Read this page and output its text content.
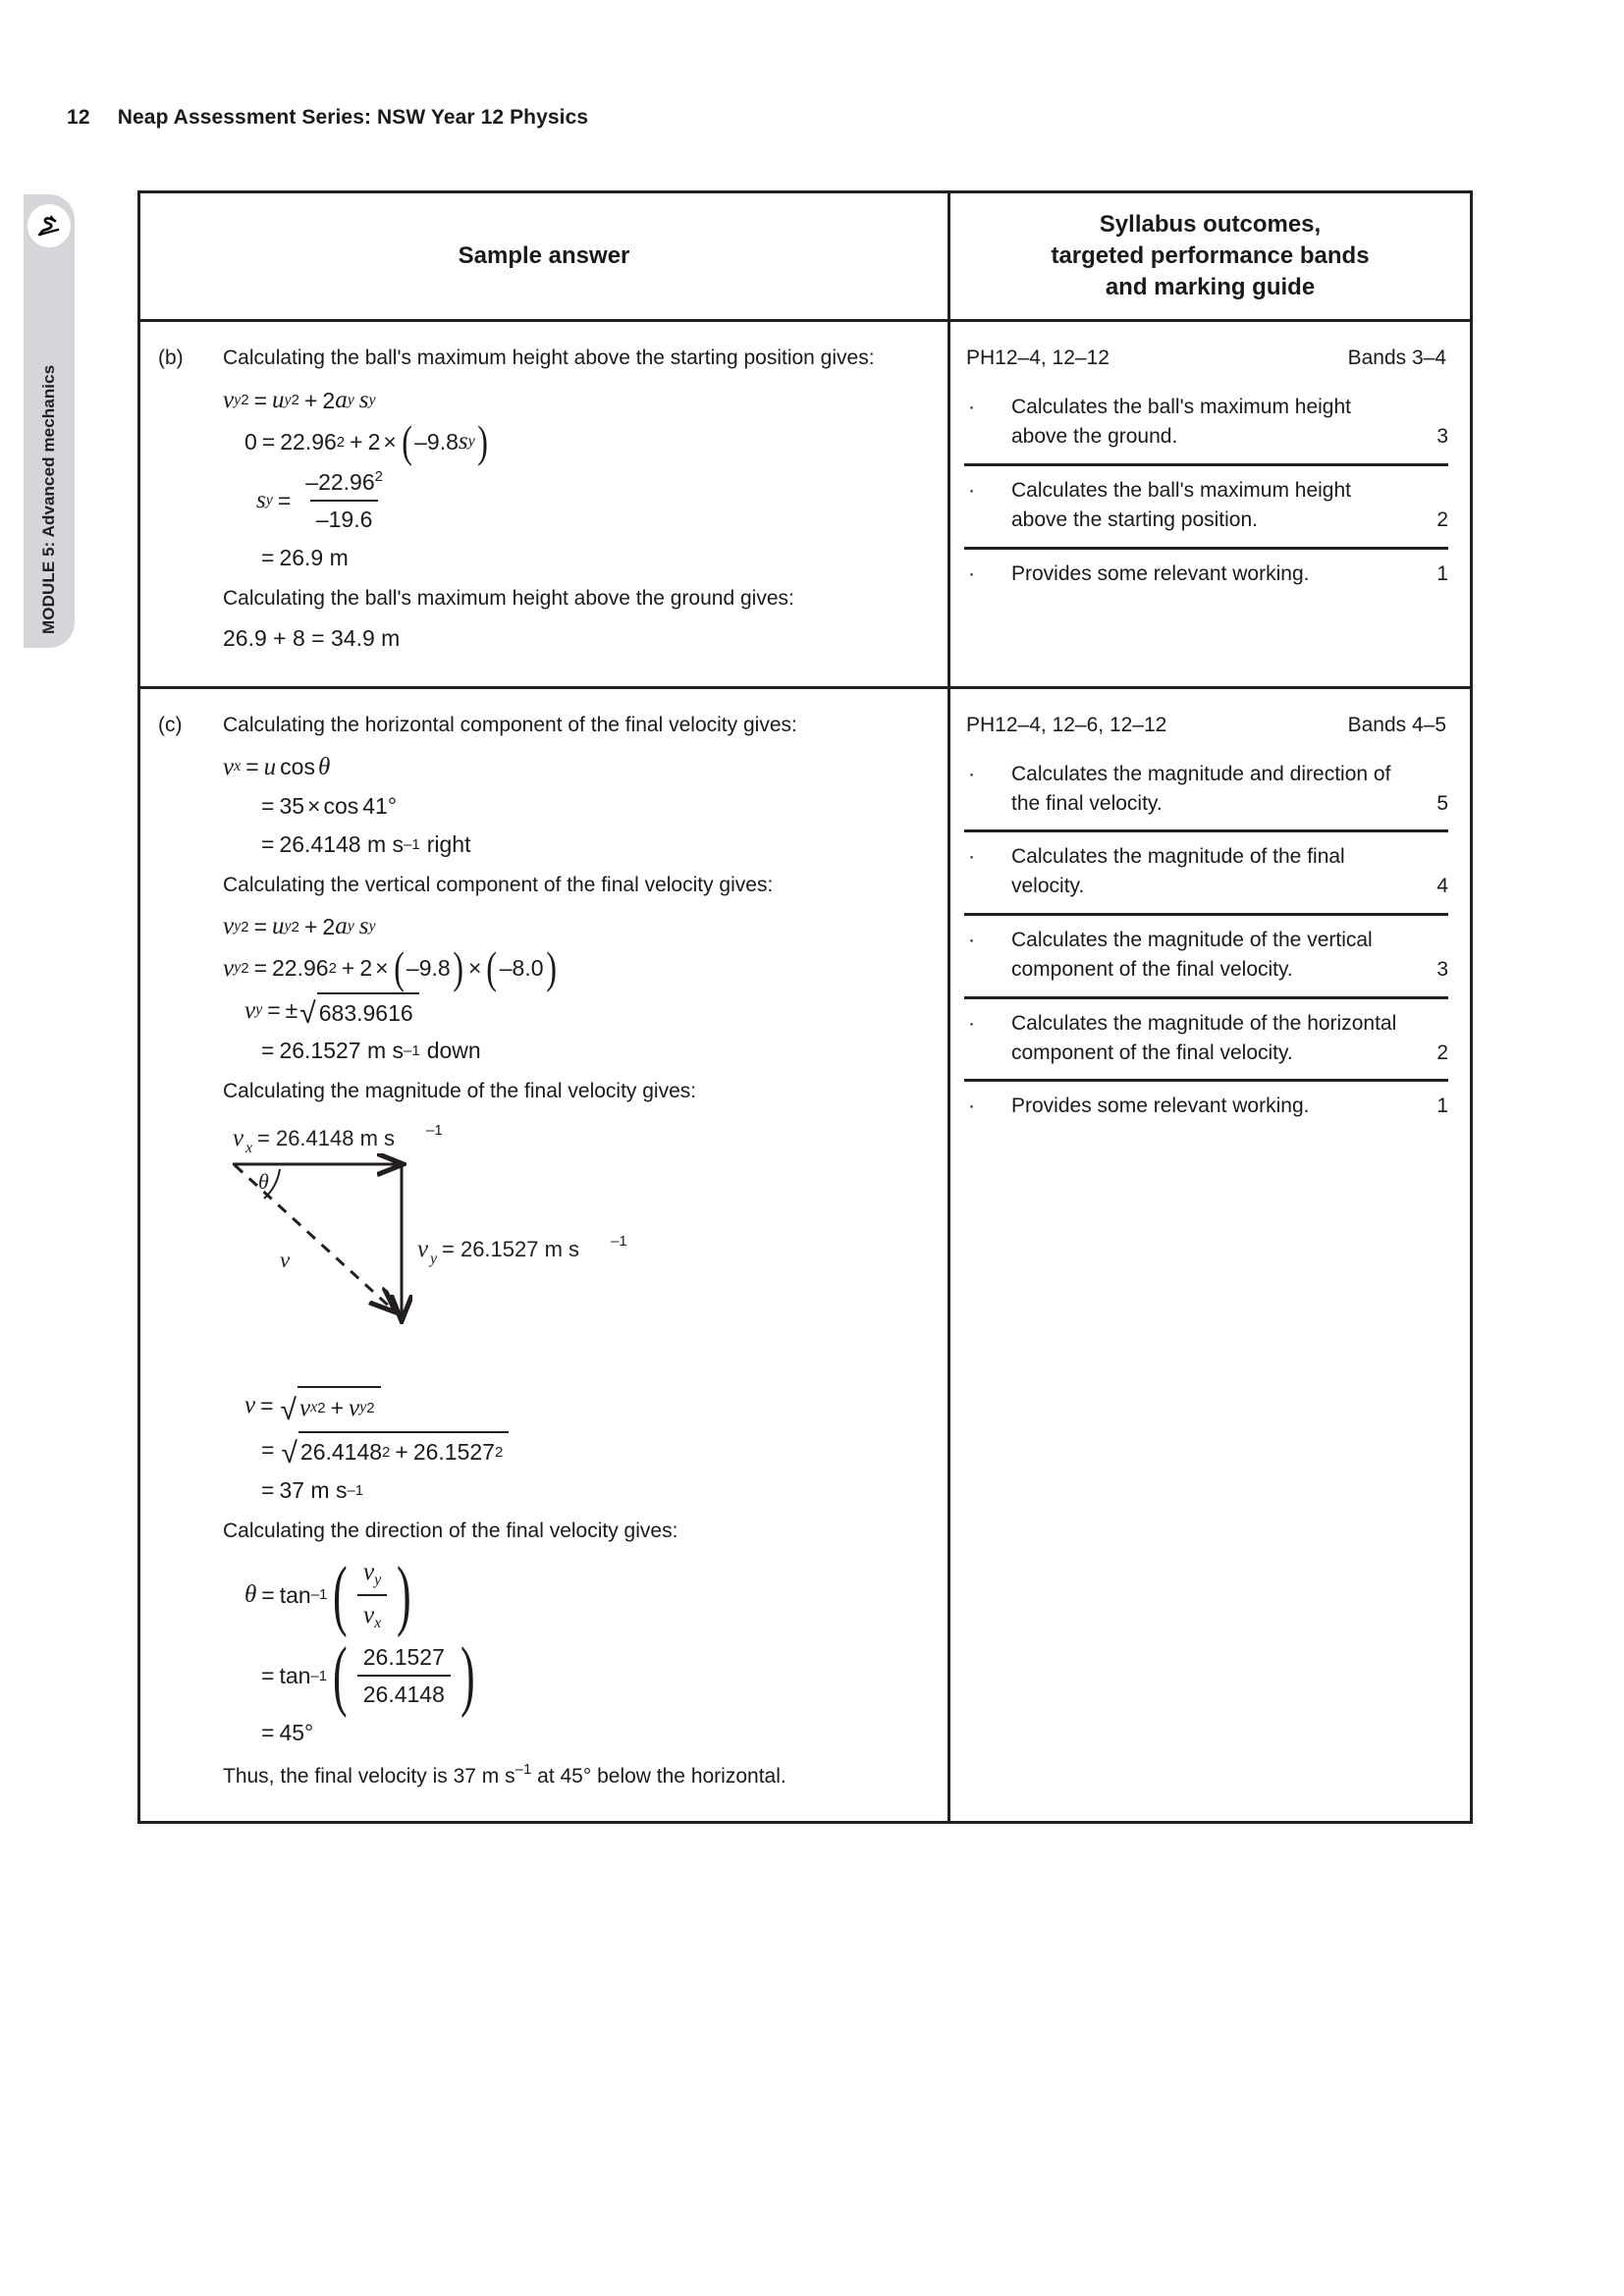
12 Neap Assessment Series: NSW Year 12 Physics
MODULE 5: Advanced mechanics
Sample answer
Syllabus outcomes,
targeted performance bands
and marking guide
(b)	Calculating the ball's maximum height above the starting position gives:

v y 2 = u y 2 + 2 a y s y
0 = 22.96 2 + 2 × ( –9.8 s y )
s $y = \frac{-22.962}{-19.6}$
= 26.9 m

Calculating the ball's maximum height above the ground gives:

26.9 + 8 = 34.9 m
PH12–4, 12–12	Bands 3–4
·	Calculates the ball's maximum height above the ground.	3
·	Calculates the ball's maximum height above the starting position.	2
·	Provides some relevant working.	1
(c)	Calculating the horizontal component of the final velocity gives:

v x = u cos θ
= 35 × cos 41°
= 26.4148 m s –1 right

Calculating the vertical component of the final velocity gives:

v y 2 = u y 2 + 2 a y s y
v y 2 = 22.96 2 + 2 × ( –9.8 ) × ( –8.0 )
v y = ± √ 683.9616
= 26.1527 m s –1 down

Calculating the magnitude of the final velocity gives:

v x = 26.4148 m s –1
θ
v	v y = 26.1527 m s –1
v = √ v x 2 + v y 2
= √ 26.4148 2 + 26.1527 2
= 37 m s –1

Calculating the direction of the final velocity gives:

θ = tan –1 ( $\frac{vy}{vx}$ )
= tan –1 ( $\frac{26.1527}{26.4148}$ )
= 45°

Thus, the final velocity is 37 m s–1 at 45° below the horizontal.

PH12–4, 12–6, 12–12	Bands 4–5
·	Calculates the magnitude and direction of the final velocity.	5
·	Calculates the magnitude of the final velocity.	4
·	Calculates the magnitude of the vertical component of the final velocity.	3
·	Calculates the magnitude of the horizontal component of the final velocity.	2
·	Provides some relevant working.	1
